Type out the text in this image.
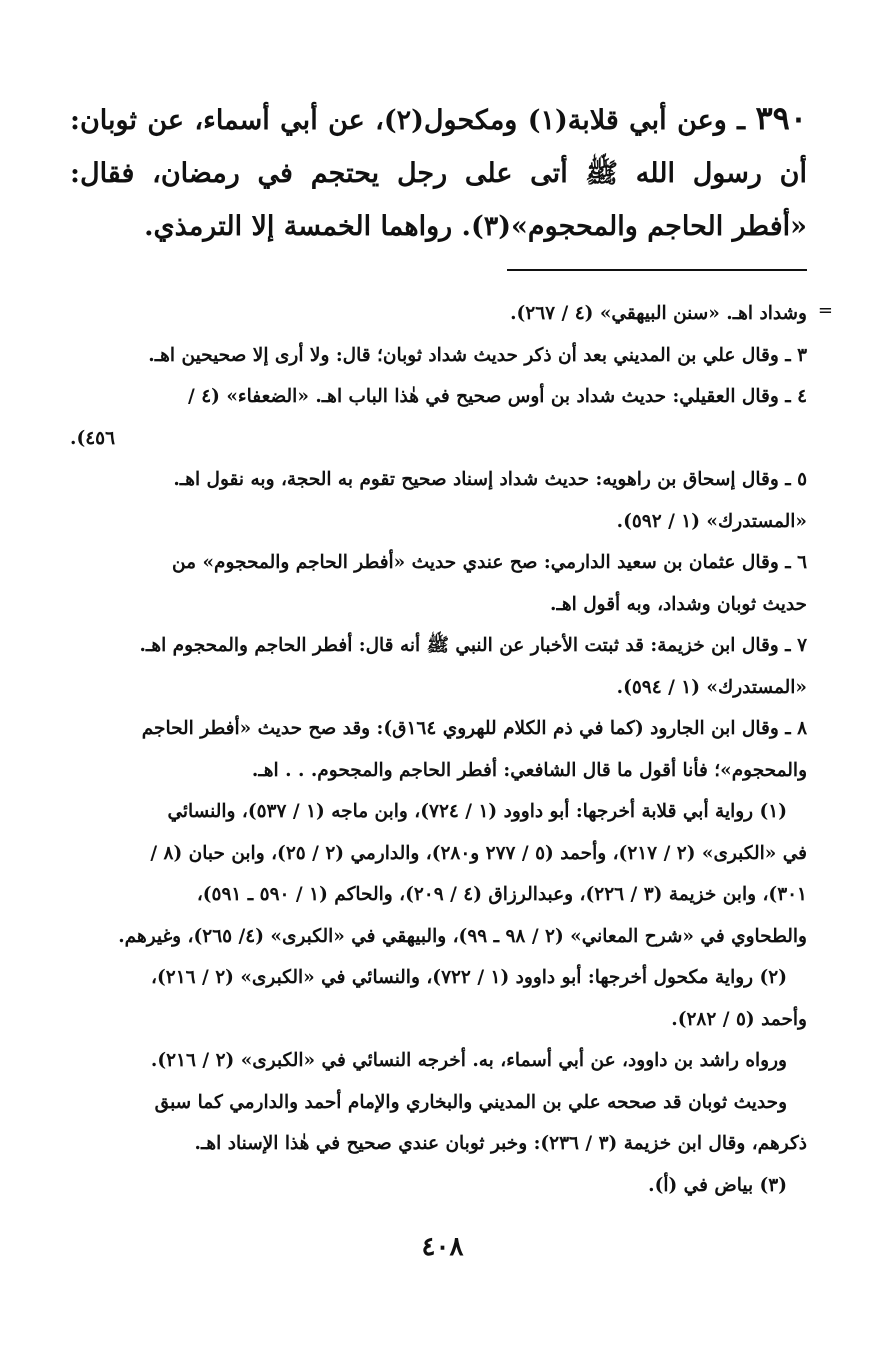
٣٩٠ ـ وعن أبي قلابة(١) ومكحول(٢)، عن أبي أسماء، عن ثوبان: أن رسول الله ﷺ أتى على رجل يحتجم في رمضان، فقال: «أفطر الحاجم والمحجوم»(٣). رواهما الخمسة إلا الترمذي.
=
وشداد اهـ. «سنن البيهقي» (٤ / ٢٦٧).
٣ ـ وقال علي بن المديني بعد أن ذكر حديث شداد ثوبان؛ قال: ولا أرى إلا صحيحين اهـ.
٤ ـ وقال العقيلي: حديث شداد بن أوس صحيح في هٰذا الباب اهـ. «الضعفاء» (٤ /
٤٥٦).
٥ ـ وقال إسحاق بن راهويه: حديث شداد إسناد صحيح تقوم به الحجة، وبه نقول اهـ.
«المستدرك» (١ / ٥٩٢).
٦ ـ وقال عثمان بن سعيد الدارمي: صح عندي حديث «أفطر الحاجم والمحجوم» من
حديث ثوبان وشداد، وبه أقول اهـ.
٧ ـ وقال ابن خزيمة: قد ثبتت الأخبار عن النبي ﷺ أنه قال: أفطر الحاجم والمحجوم اهـ.
«المستدرك» (١ / ٥٩٤).
٨ ـ وقال ابن الجارود (كما في ذم الكلام للهروي ١٦٤ق): وقد صح حديث «أفطر الحاجم
والمحجوم»؛ فأنا أقول ما قال الشافعي: أفطر الحاجم والمجحوم. . . اهـ.
(١) رواية أبي قلابة أخرجها: أبو داوود (١ / ٧٢٤)، وابن ماجه (١ / ٥٣٧)، والنسائي
في «الكبرى» (٢ / ٢١٧)، وأحمد (٥ / ٢٧٧ و٢٨٠)، والدارمي (٢ / ٢٥)، وابن حبان (٨ /
٣٠١)، وابن خزيمة (٣ / ٢٢٦)، وعبدالرزاق (٤ / ٢٠٩)، والحاكم (١ / ٥٩٠ ـ ٥٩١)،
والطحاوي في «شرح المعاني» (٢ / ٩٨ ـ ٩٩)، والبيهقي في «الكبرى» (٤/ ٢٦٥)، وغيرهم.
(٢) رواية مكحول أخرجها: أبو داوود (١ / ٧٢٢)، والنسائي في «الكبرى» (٢ / ٢١٦)،
وأحمد (٥ / ٢٨٢).
ورواه راشد بن داوود، عن أبي أسماء، به. أخرجه النسائي في «الكبرى» (٢ / ٢١٦).
وحديث ثوبان قد صححه علي بن المديني والبخاري والإمام أحمد والدارمي كما سبق
ذكرهم، وقال ابن خزيمة (٣ / ٢٣٦): وخبر ثوبان عندي صحيح في هٰذا الإسناد اهـ.
(٣) بياض في (أ).
٤٠٨
